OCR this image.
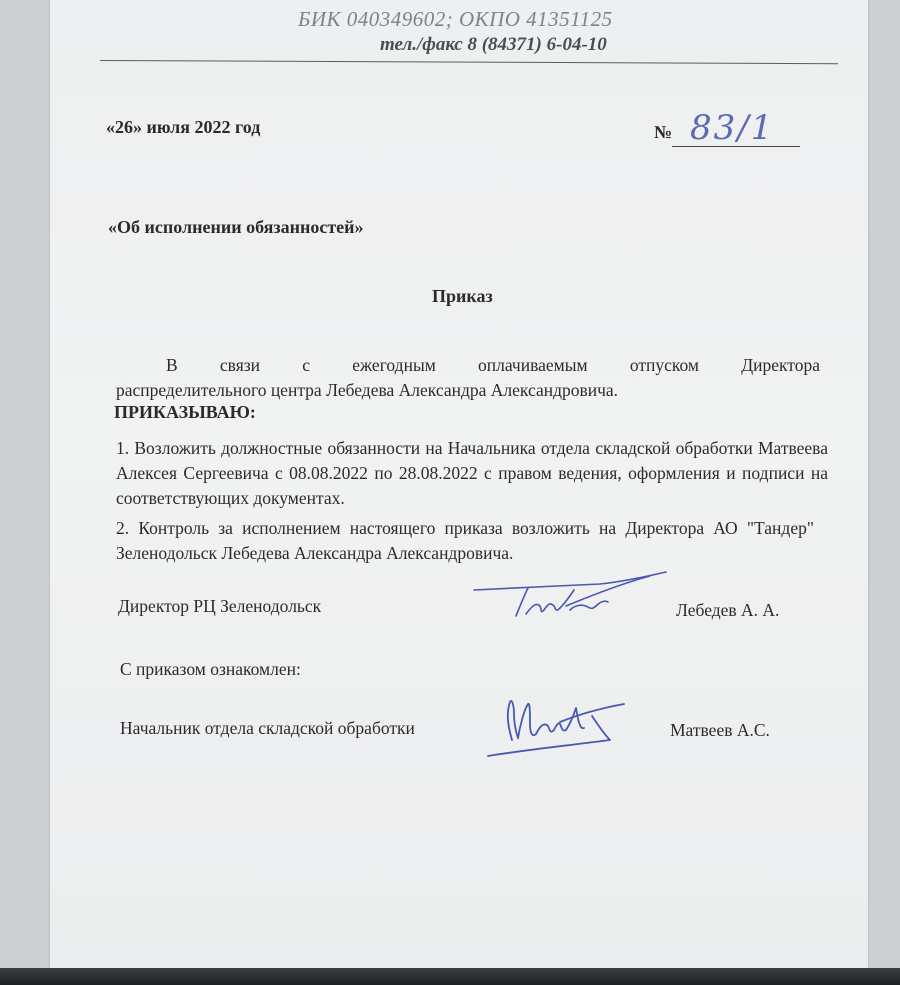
БИК 040349602; ОКПО 41351125
тел./факс 8 (84371) 6-04-10
«26» июля 2022 год	№ 83/1
«Об исполнении обязанностей»
Приказ
В связи с ежегодным оплачиваемым отпуском Директора
распределительного центра Лебедева Александра Александровича.
ПРИКАЗЫВАЮ:
1. Возложить должностные обязанности на Начальника отдела складской обработки Матвеева Алексея Сергеевича с 08.08.2022 по 28.08.2022 с правом ведения, оформления и подписи на соответствующих документах.
2. Контроль за исполнением настоящего приказа возложить на Директора АО "Тандер" Зеленодольск Лебедева Александра Александровича.
Директор РЦ Зеленодольск	Лебедев А. А.
С приказом ознакомлен:
Начальник отдела складской обработки	Матвеев А.С.
